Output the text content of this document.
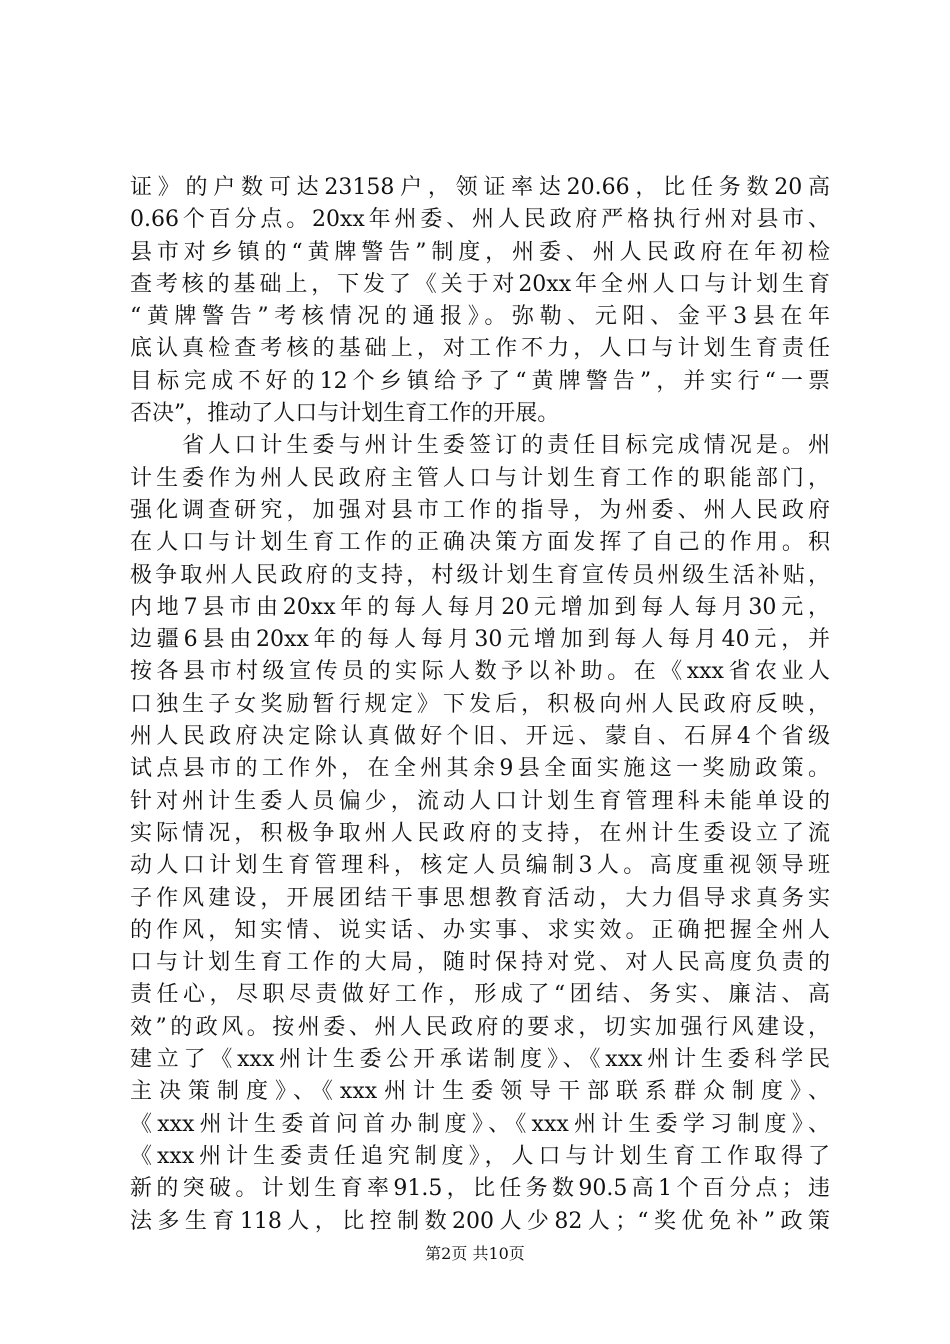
证》的户数可达23158户，领证率达20.66，比任务数20高
0.66个百分点。20xx年州委、州人民政府严格执行州对县市、
县市对乡镇的“黄牌警告”制度，州委、州人民政府在年初检
查考核的基础上，下发了《关于对20xx年全州人口与计划生育
“黄牌警告”考核情况的通报》。弥勒、元阳、金平3县在年
底认真检查考核的基础上，对工作不力，人口与计划生育责任
目标完成不好的12个乡镇给予了“黄牌警告”，并实行“一票
否决”，推动了人口与计划生育工作的开展。
　　省人口计生委与州计生委签订的责任目标完成情况是。州
计生委作为州人民政府主管人口与计划生育工作的职能部门，
强化调查研究，加强对县市工作的指导，为州委、州人民政府
在人口与计划生育工作的正确决策方面发挥了自己的作用。积
极争取州人民政府的支持，村级计划生育宣传员州级生活补贴，
内地7县市由20xx年的每人每月20元增加到每人每月30元，
边疆6县由20xx年的每人每月30元增加到每人每月40元，并
按各县市村级宣传员的实际人数予以补助。在《xxx省农业人
口独生子女奖励暂行规定》下发后，积极向州人民政府反映，
州人民政府决定除认真做好个旧、开远、蒙自、石屏4个省级
试点县市的工作外，在全州其余9县全面实施这一奖励政策。
针对州计生委人员偏少，流动人口计划生育管理科未能单设的
实际情况，积极争取州人民政府的支持，在州计生委设立了流
动人口计划生育管理科，核定人员编制3人。高度重视领导班
子作风建设，开展团结干事思想教育活动，大力倡导求真务实
的作风，知实情、说实话、办实事、求实效。正确把握全州人
口与计划生育工作的大局，随时保持对党、对人民高度负责的
责任心，尽职尽责做好工作，形成了“团结、务实、廉洁、高
效”的政风。按州委、州人民政府的要求，切实加强行风建设，
建立了《xxx州计生委公开承诺制度》、《xxx州计生委科学民
主决策制度》、《xxx州计生委领导干部联系群众制度》、
《xxx州计生委首问首办制度》、《xxx州计生委学习制度》、
《xxx州计生委责任追究制度》，人口与计划生育工作取得了
新的突破。计划生育率91.5，比任务数90.5高1个百分点；违
法多生育118人，比控制数200人少82人；“奖优免补”政策
第2页 共10页
